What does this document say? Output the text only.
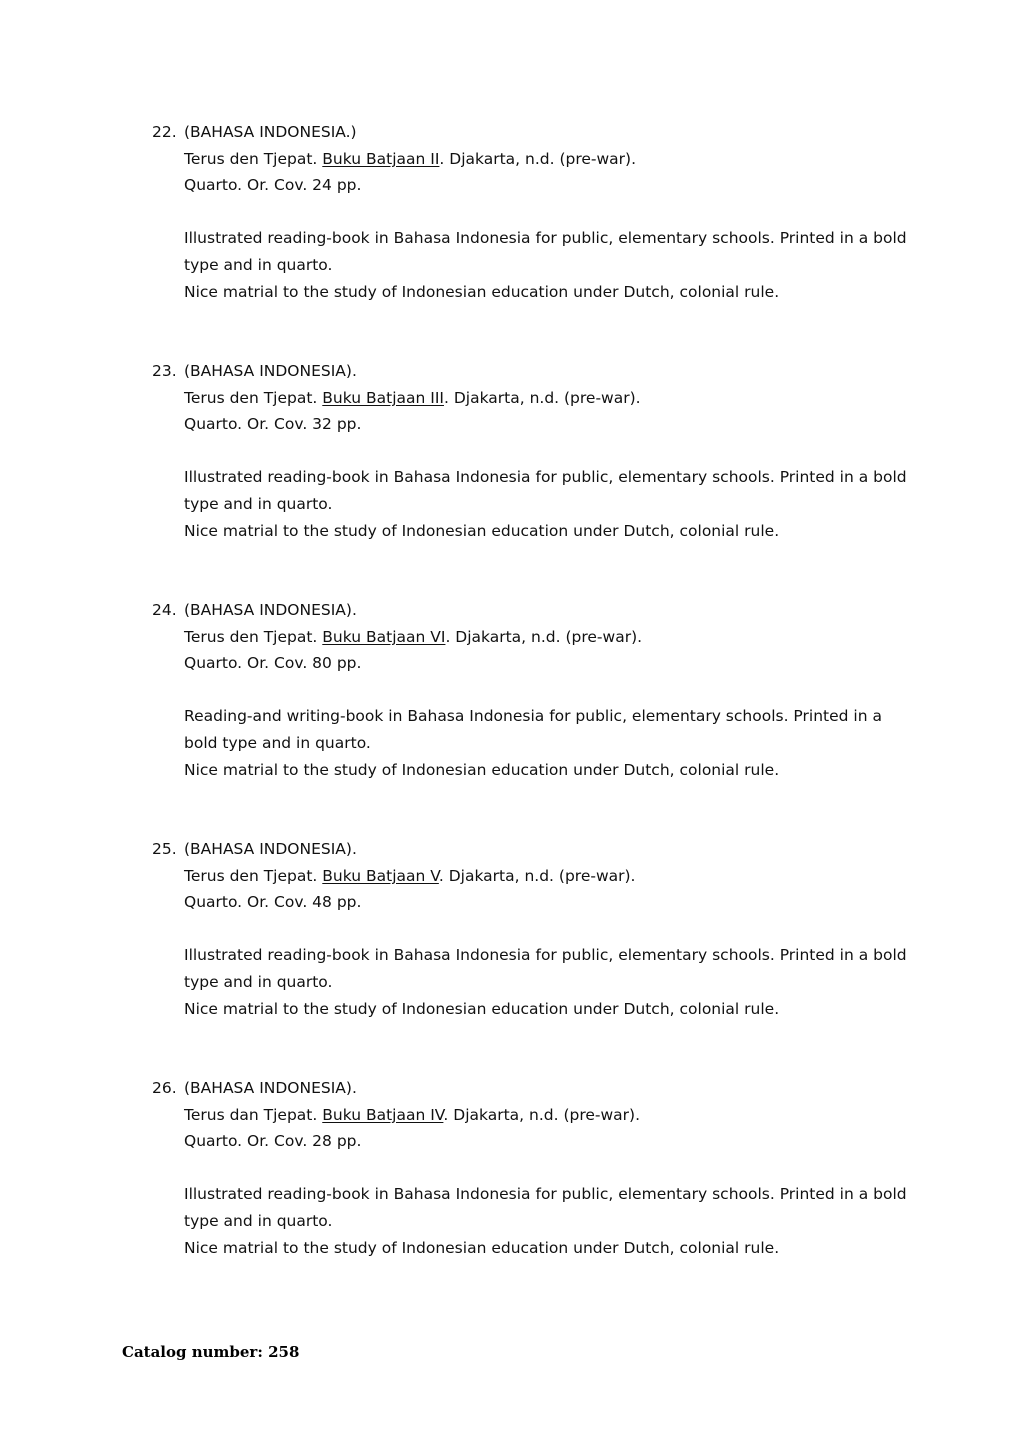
22. (BAHASA INDONESIA.)
Terus den Tjepat. Buku Batjaan II. Djakarta, n.d. (pre-war).
Quarto. Or. Cov. 24 pp.
Illustrated reading-book in Bahasa Indonesia for public, elementary schools. Printed in a bold type and in quarto.
Nice matrial to the study of Indonesian education under Dutch, colonial rule.
23. (BAHASA INDONESIA).
Terus den Tjepat. Buku Batjaan III. Djakarta, n.d. (pre-war).
Quarto. Or. Cov. 32 pp.
Illustrated reading-book in Bahasa Indonesia for public, elementary schools. Printed in a bold type and in quarto.
Nice matrial to the study of Indonesian education under Dutch, colonial rule.
24. (BAHASA INDONESIA).
Terus den Tjepat. Buku Batjaan VI. Djakarta, n.d. (pre-war).
Quarto. Or. Cov. 80 pp.
Reading-and writing-book in Bahasa Indonesia for public, elementary schools. Printed in a bold type and in quarto.
Nice matrial to the study of Indonesian education under Dutch, colonial rule.
25. (BAHASA INDONESIA).
Terus den Tjepat. Buku Batjaan V. Djakarta, n.d. (pre-war).
Quarto. Or. Cov. 48 pp.
Illustrated reading-book in Bahasa Indonesia for public, elementary schools. Printed in a bold type and in quarto.
Nice matrial to the study of Indonesian education under Dutch, colonial rule.
26. (BAHASA INDONESIA).
Terus dan Tjepat. Buku Batjaan IV. Djakarta, n.d. (pre-war).
Quarto. Or. Cov. 28 pp.
Illustrated reading-book in Bahasa Indonesia for public, elementary schools. Printed in a bold type and in quarto.
Nice matrial to the study of Indonesian education under Dutch, colonial rule.
Catalog number: 258
